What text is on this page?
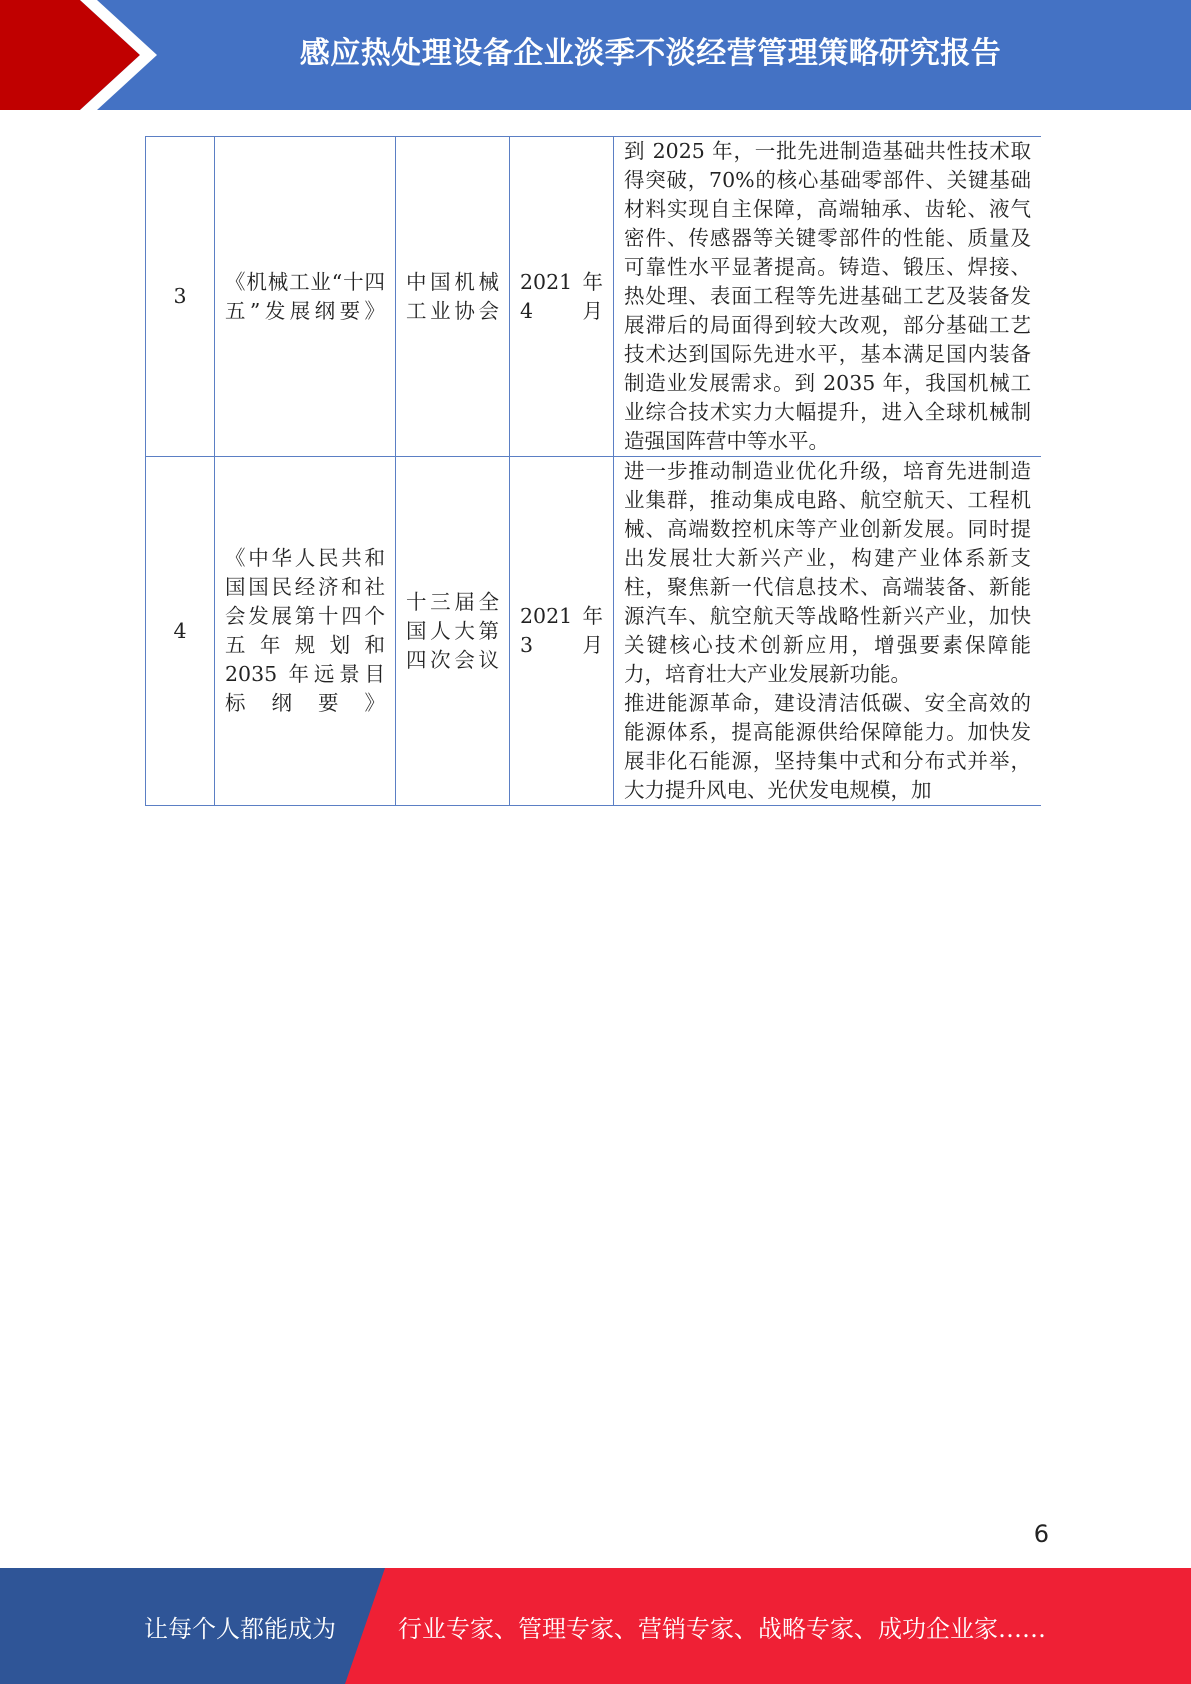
感应热处理设备企业淡季不淡经营管理策略研究报告
3	《机械工业“十四五”发展纲要》	中国机械工业协会	2021 年 4 月	到 2025 年，一批先进制造基础共性技术取得突破，70%的核心基础零部件、关键基础材料实现自主保障，高端轴承、齿轮、液气密件、传感器等关键零部件的性能、质量及可靠性水平显著提高。铸造、锻压、焊接、热处理、表面工程等先进基础工艺及装备发展滞后的局面得到较大改观，部分基础工艺技术达到国际先进水平，基本满足国内装备制造业发展需求。到 2035 年，我国机械工业综合技术实力大幅提升，进入全球机械制造强国阵营中等水平。

4	《中华人民共和国国民经济和社会发展第十四个五年规划和 2035 年远景目标纲要》	十三届全国人大第四次会议	2021 年 3 月	进一步推动制造业优化升级，培育先进制造业集群，推动集成电路、航空航天、工程机械、高端数控机床等产业创新发展。同时提出发展壮大新兴产业，构建产业体系新支柱，聚焦新一代信息技术、高端装备、新能源汽车、航空航天等战略性新兴产业，加快关键核心技术创新应用，增强要素保障能力，培育壮大产业发展新功能。

推进能源革命，建设清洁低碳、安全高效的能源体系，提高能源供给保障能力。加快发展非化石能源，坚持集中式和分布式并举，大力提升风电、光伏发电规模，加

6
让每个人都能成为	行业专家、管理专家、营销专家、战略专家、成功企业家……
